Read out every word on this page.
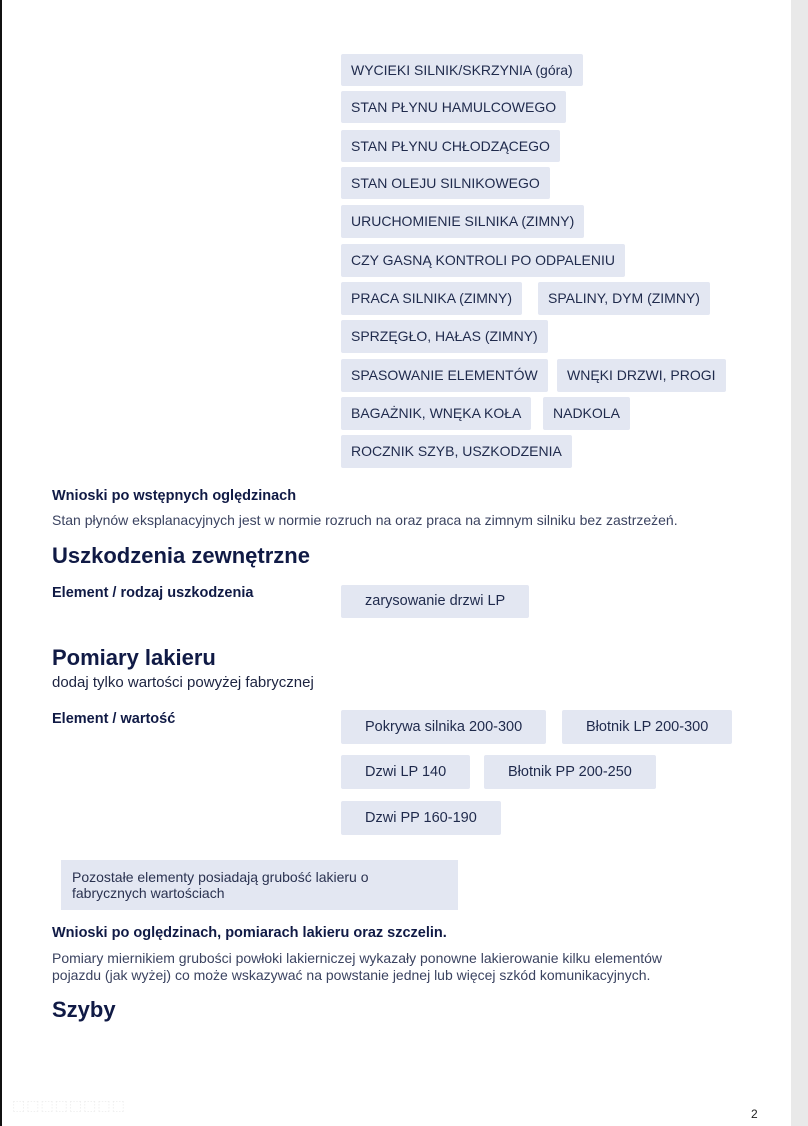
WYCIEKI SILNIK/SKRZYNIA (góra)
STAN PŁYNU HAMULCOWEGO
STAN PŁYNU CHŁODZĄCEGO
STAN OLEJU SILNIKOWEGO
URUCHOMIENIE SILNIKA (ZIMNY)
CZY GASNĄ KONTROLI PO ODPALENIU
PRACA SILNIKA (ZIMNY)	SPALINY, DYM (ZIMNY)
SPRZĘGŁO, HAŁAS (ZIMNY)
SPASOWANIE ELEMENTÓW	WNĘKI DRZWI, PROGI
BAGAŻNIK, WNĘKA KOŁA	NADKOLA
ROCZNIK SZYB, USZKODZENIA
Wnioski po wstępnych oględzinach
Stan płynów eksplanacyjnych jest w normie rozruch na oraz praca na zimnym silniku bez zastrzeżeń.
Uszkodzenia zewnętrzne
Element / rodzaj uszkodzenia	zarysowanie drzwi LP
Pomiary lakieru
dodaj tylko wartości powyżej fabrycznej
Element / wartość	Pokrywa silnika 200-300	Błotnik LP 200-300
Dzwi LP 140	Błotnik PP 200-250
Dzwi PP 160-190
Pozostałe elementy posiadają grubość lakieru o
fabrycznych wartościach
Wnioski po oględzinach, pomiarach lakieru oraz szczelin.
Pomiary miernikiem grubości powłoki lakierniczej wykazały ponowne lakierowanie kilku elementów
pojazdu (jak wyżej) co może wskazywać na powstanie jednej lub więcej szkód komunikacyjnych.
Szyby
⬚⬚⬚⬚⬚⬚⬚⬚
2
